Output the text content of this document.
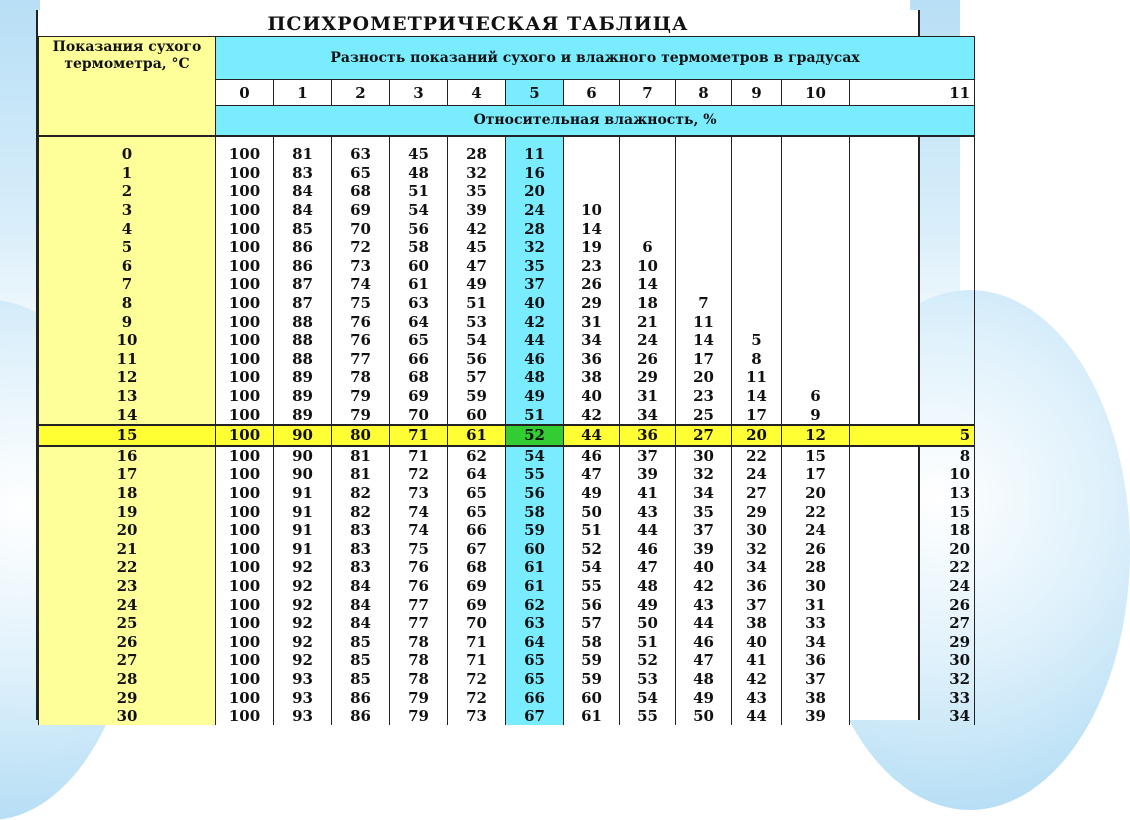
ПСИХРОМЕТРИЧЕСКАЯ ТАБЛИЦА
Показания сухого термометра, °С	Разность показаний сухого и влажного термометров в градусах											
	0	1	2	3	4	5	6	7	8	9	10	11
	Относительная влажность, %											

0	100	81	63	45	28	11						
1	100	83	65	48	32	16						
2	100	84	68	51	35	20						
3	100	84	69	54	39	24	10					
4	100	85	70	56	42	28	14					
5	100	86	72	58	45	32	19	6				
6	100	86	73	60	47	35	23	10				
7	100	87	74	61	49	37	26	14				
8	100	87	75	63	51	40	29	18	7			
9	100	88	76	64	53	42	31	21	11			
10	100	88	76	65	54	44	34	24	14	5		
11	100	88	77	66	56	46	36	26	17	8		
12	100	89	78	68	57	48	38	29	20	11		
13	100	89	79	69	59	49	40	31	23	14	6	
14	100	89	79	70	60	51	42	34	25	17	9	
15	100	90	80	71	61	52	44	36	27	20	12	5
16	100	90	81	71	62	54	46	37	30	22	15	8
17	100	90	81	72	64	55	47	39	32	24	17	10
18	100	91	82	73	65	56	49	41	34	27	20	13
19	100	91	82	74	65	58	50	43	35	29	22	15
20	100	91	83	74	66	59	51	44	37	30	24	18
21	100	91	83	75	67	60	52	46	39	32	26	20
22	100	92	83	76	68	61	54	47	40	34	28	22
23	100	92	84	76	69	61	55	48	42	36	30	24
24	100	92	84	77	69	62	56	49	43	37	31	26
25	100	92	84	77	70	63	57	50	44	38	33	27
26	100	92	85	78	71	64	58	51	46	40	34	29
27	100	92	85	78	71	65	59	52	47	41	36	30
28	100	93	85	78	72	65	59	53	48	42	37	32
29	100	93	86	79	72	66	60	54	49	43	38	33
30	100	93	86	79	73	67	61	55	50	44	39	34
